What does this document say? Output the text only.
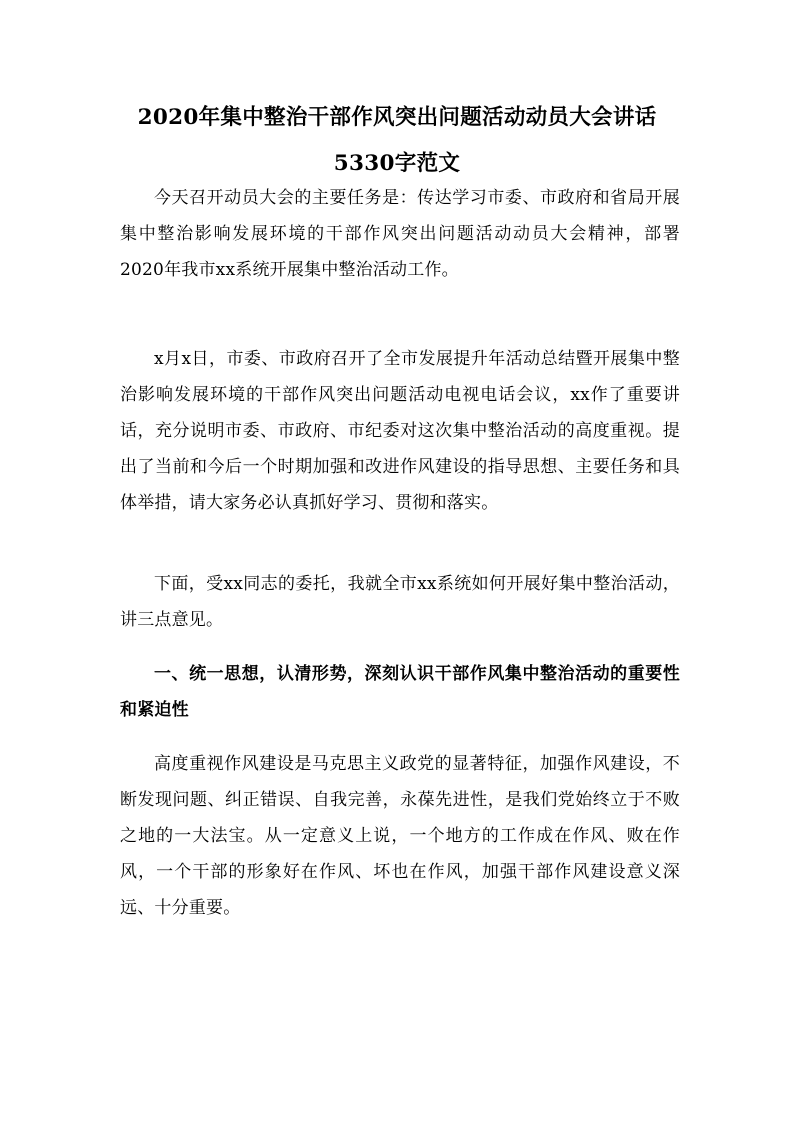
2020年集中整治干部作风突出问题活动动员大会讲话5330字范文

今天召开动员大会的主要任务是：传达学习市委、市政府和省局开展集中整治影响发展环境的干部作风突出问题活动动员大会精神，部署2020年我市xx系统开展集中整治活动工作。

x月x日，市委、市政府召开了全市发展提升年活动总结暨开展集中整治影响发展环境的干部作风突出问题活动电视电话会议，xx作了重要讲话，充分说明市委、市政府、市纪委对这次集中整治活动的高度重视。提出了当前和今后一个时期加强和改进作风建设的指导思想、主要任务和具体举措，请大家务必认真抓好学习、贯彻和落实。

下面，受xx同志的委托，我就全市xx系统如何开展好集中整治活动，讲三点意见。

一、统一思想，认清形势，深刻认识干部作风集中整治活动的重要性和紧迫性

高度重视作风建设是马克思主义政党的显著特征，加强作风建设，不断发现问题、纠正错误、自我完善，永葆先进性，是我们党始终立于不败之地的一大法宝。从一定意义上说，一个地方的工作成在作风、败在作风，一个干部的形象好在作风、坏也在作风，加强干部作风建设意义深远、十分重要。
